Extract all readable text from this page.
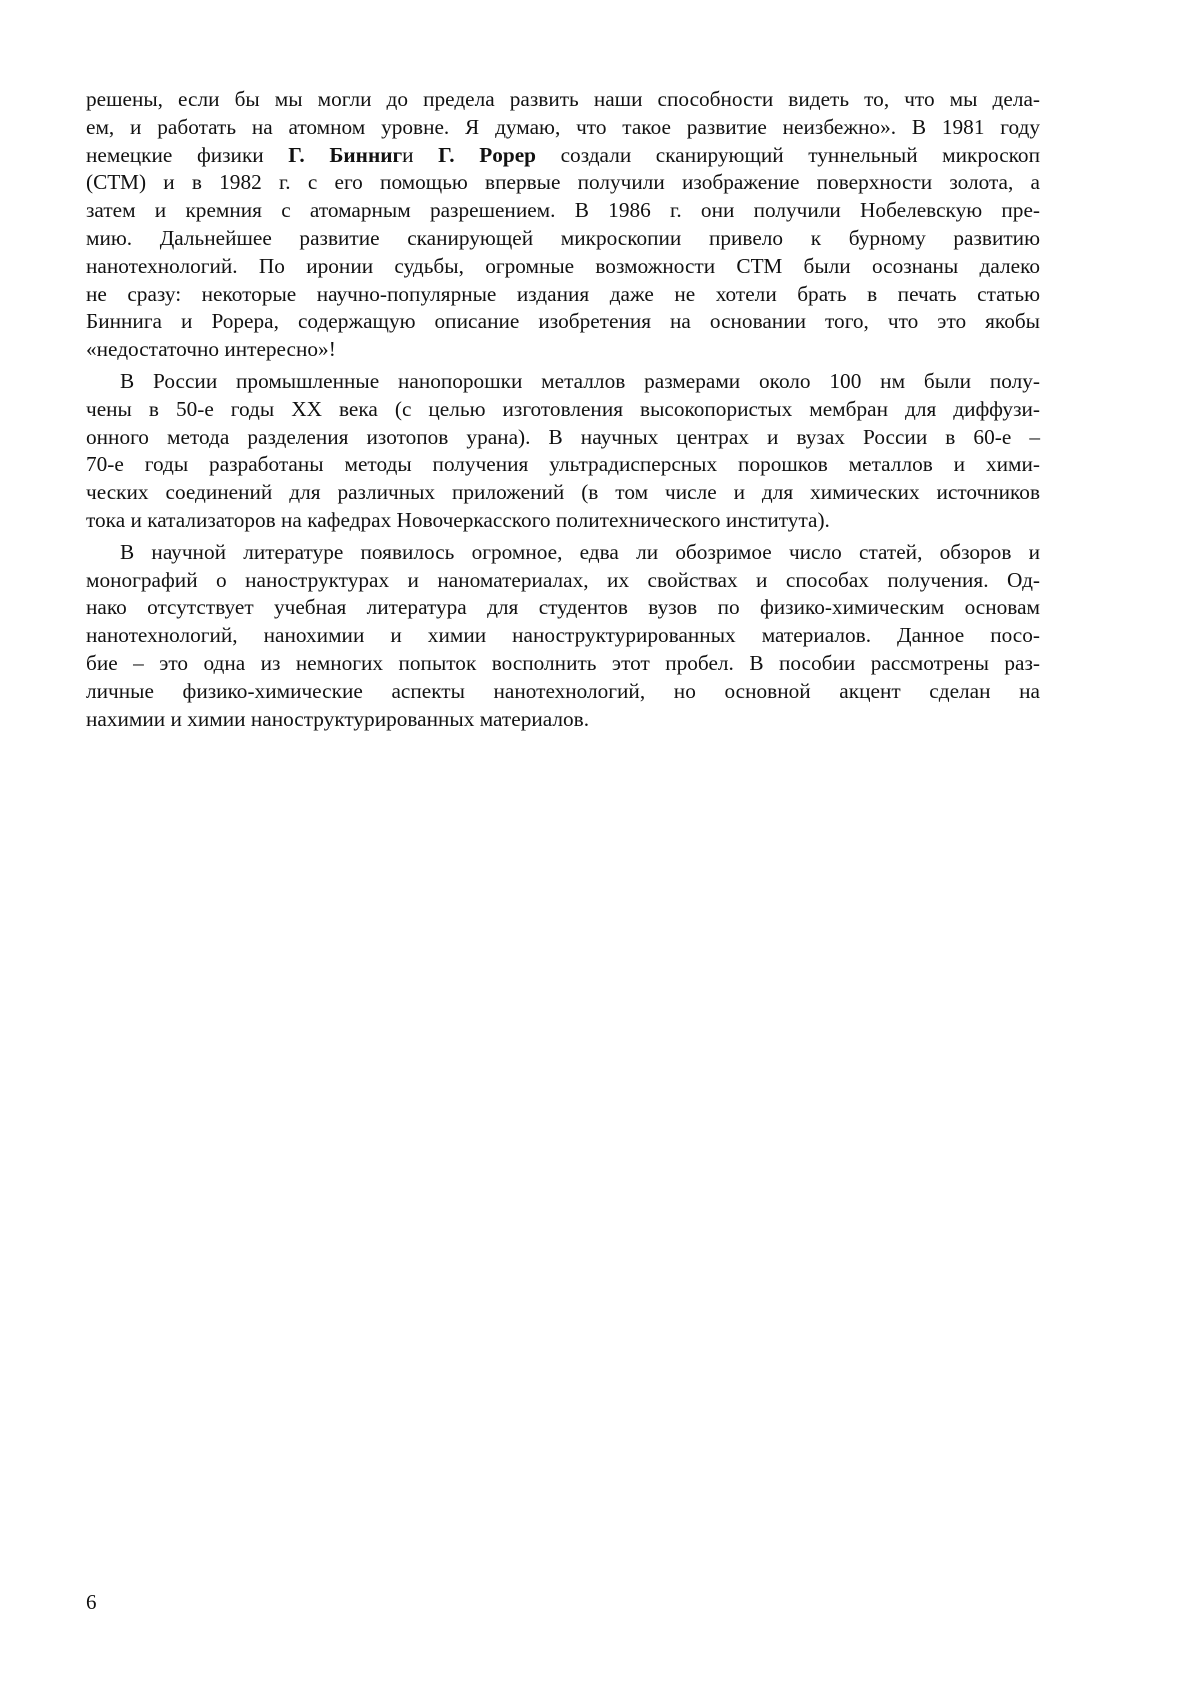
решены, если бы мы могли до предела развить наши способности видеть то, что мы дела-
ем, и работать на атомном уровне. Я думаю, что такое развитие неизбежно». В 1981 году
немецкие физики Г. Бинниги Г. Popep создали сканирующий туннельный микроскоп
(СТМ) и в 1982 г. с его помощью впервые получили изображение поверхности золота, а
затем и кремния с атомарным разрешением. В 1986 г. они получили Нобелевскую пре-
мию. Дальнейшее развитие сканирующей микроскопии привело к бурному развитию
нанотехнологий. По иронии судьбы, огромные возможности СТМ были осознаны далеко
не сразу: некоторые научно-популярные издания даже не хотели брать в печать статью
Биннига и Рорера, содержащую описание изобретения на основании того, что это якобы
«недостаточно интересно»!
В России промышленные нанопорошки металлов размерами около 100 нм были полу-
чены в 50-е годы XX века (с целью изготовления высокопористых мембран для диффузи-
онного метода разделения изотопов урана). В научных центрах и вузах России в 60-е –
70-е годы разработаны методы получения ультрадисперсных порошков металлов и хими-
ческих соединений для различных приложений (в том числе и для химических источников
тока и катализаторов на кафедрах Новочеркасского политехнического института).
В научной литературе появилось огромное, едва ли обозримое число статей, обзоров и
монографий о наноструктурах и наноматериалах, их свойствах и способах получения. Од-
нако отсутствует учебная литература для студентов вузов по физико-химическим основам
нанотехнологий, нанохимии и химии наноструктурированных материалов. Данное посо-
бие – это одна из немногих попыток восполнить этот пробел. В пособии рассмотрены раз-
личные физико-химические аспекты нанотехнологий, но основной акцент сделан на
нахимии и химии наноструктурированных материалов.
6
